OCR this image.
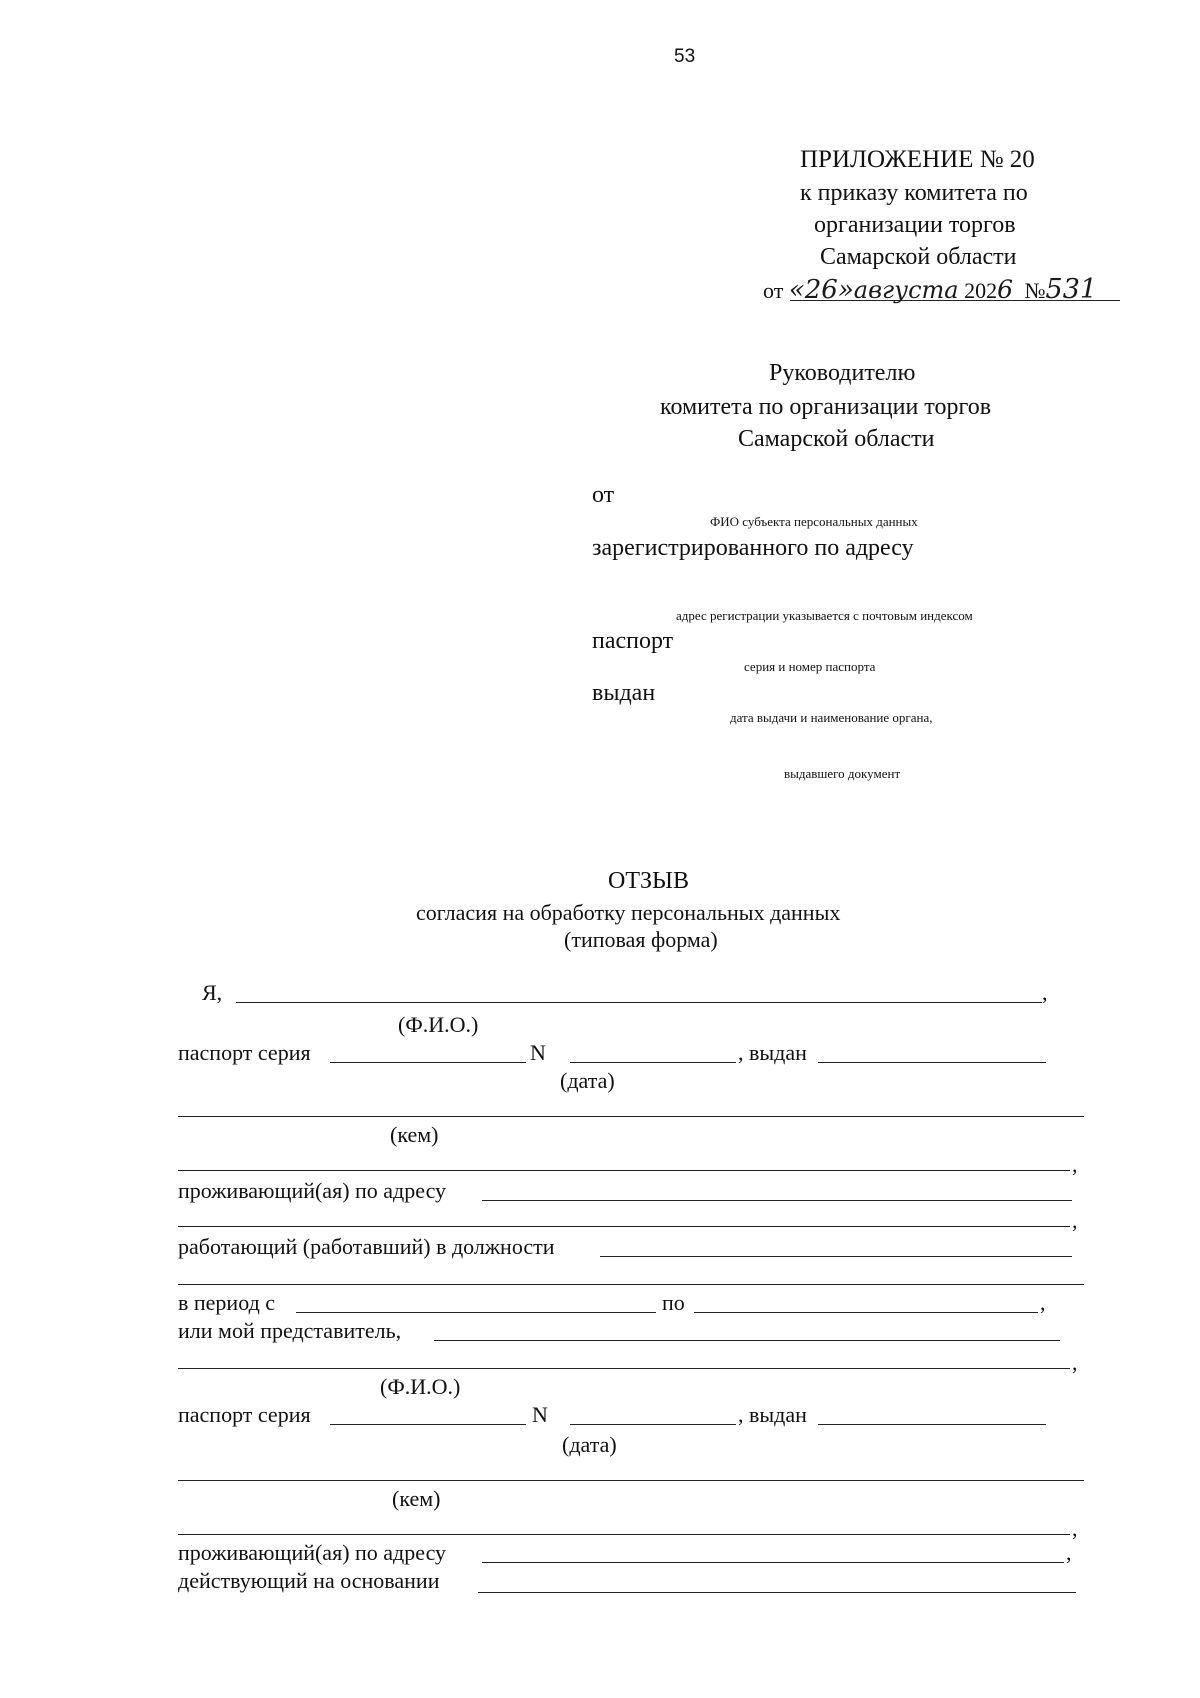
53
ПРИЛОЖЕНИЕ № 20
к приказу комитета по
организации торгов
Самарской области
от «26»августа 2026 №531
Руководителю
комитета по организации торгов
Самарской области
от
ФИО субъекта персональных данных
зарегистрированного по адресу
адрес регистрации указывается с почтовым индексом
паспорт
серия и номер паспорта
выдан
дата выдачи и наименование органа,
выдавшего документ
ОТЗЫВ
согласия на обработку персональных данных
(типовая форма)
Я,	,
(Ф.И.О.)
паспорт серия	N	, выдан
(дата)
(кем)
,
проживающий(ая) по адресу
,
работающий (работавший) в должности
в период с	по	,
или мой представитель,
,
(Ф.И.О.)
паспорт серия	N	, выдан
(дата)
(кем)
,
проживающий(ая) по адресу	,
действующий на основании
